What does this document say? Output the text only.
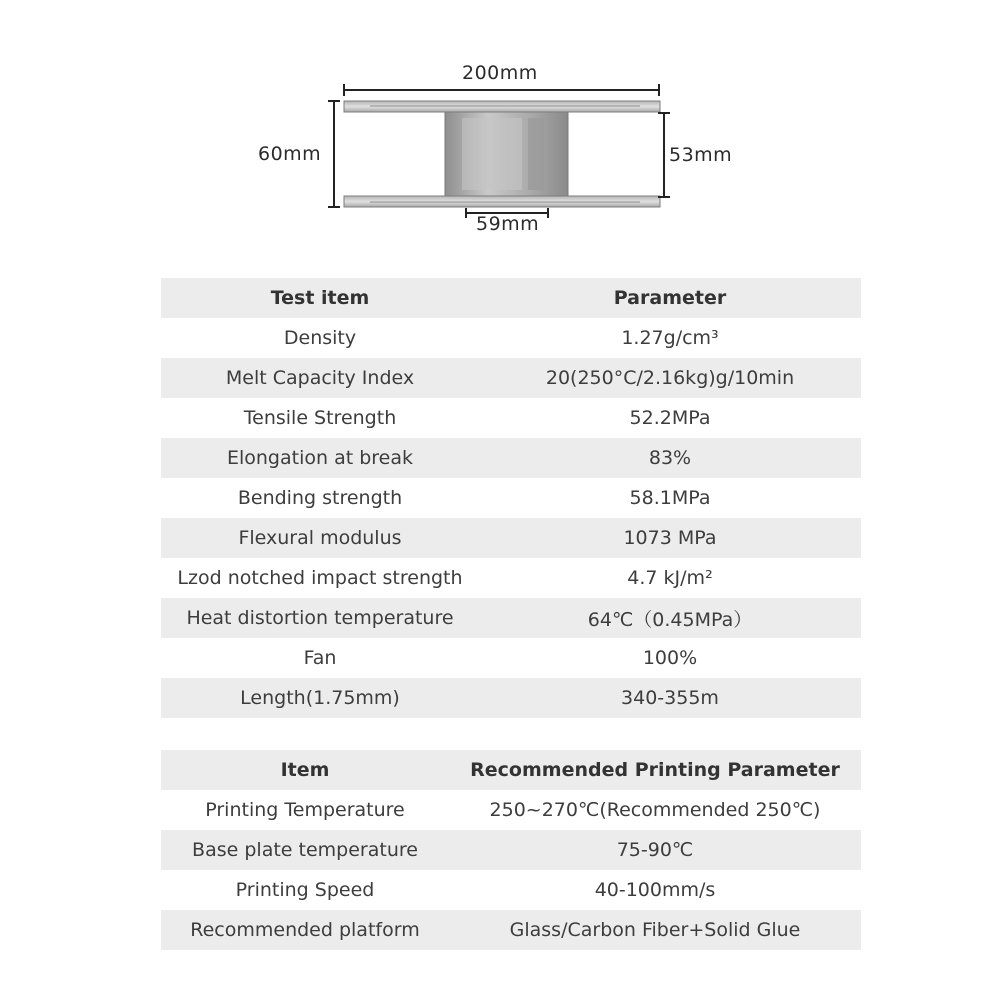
200mm
60mm	53mm
59mm
Test item	Parameter
Density	1.27g/cm³
Melt Capacity Index	20(250°C/2.16kg)g/10min
Tensile Strength	52.2MPa
Elongation at break	83%
Bending strength	58.1MPa
Flexural modulus	1073 MPa
Lzod notched impact strength	4.7 kJ/m²
Heat distortion temperature	64℃（0.45MPa）
Fan	100%
Length(1.75mm)	340-355m
Item	Recommended Printing Parameter
Printing Temperature	250~270℃(Recommended 250℃)
Base plate temperature	75-90℃
Printing Speed	40-100mm/s
Recommended platform	Glass/Carbon Fiber+Solid Glue
